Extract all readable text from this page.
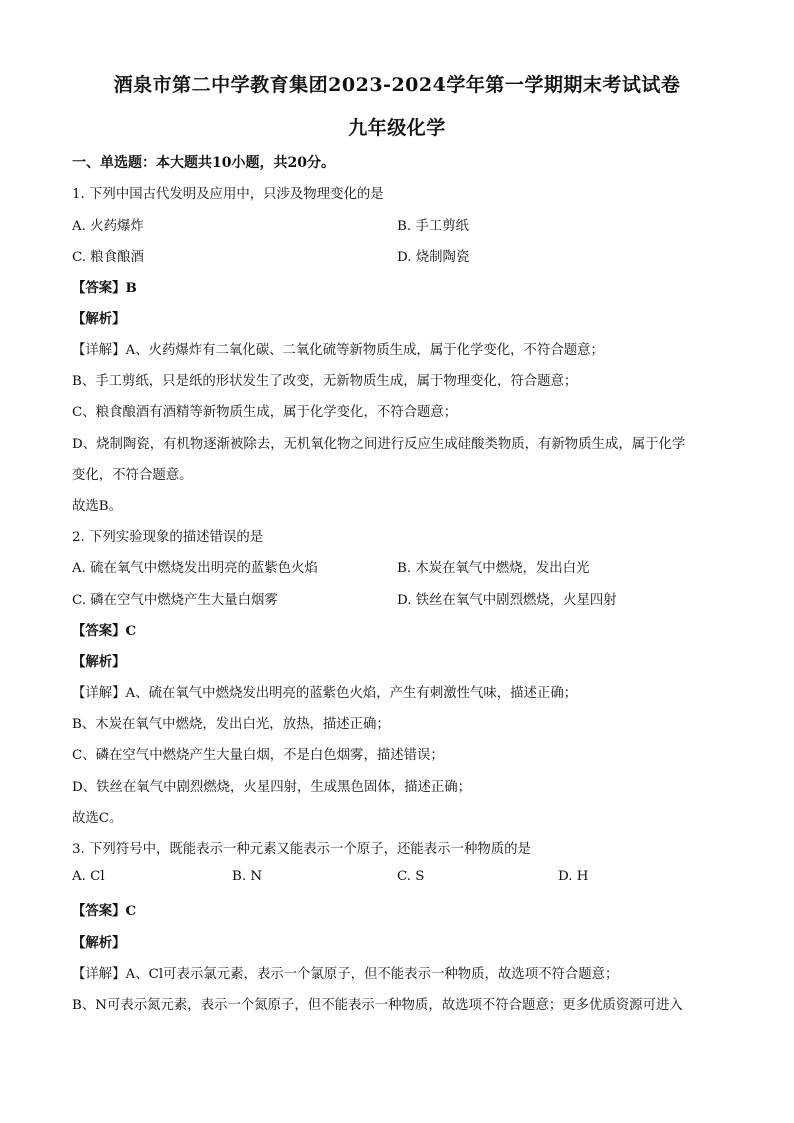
酒泉市第二中学教育集团2023-2024学年第一学期期末考试试卷
九年级化学
一、单选题：本大题共10小题，共20分。
1. 下列中国古代发明及应用中，只涉及物理变化的是
A. 火药爆炸	B. 手工剪纸
C. 粮食酿酒	D. 烧制陶瓷
【答案】B
【解析】
【详解】A、火药爆炸有二氧化碳、二氧化硫等新物质生成，属于化学变化，不符合题意；
B、手工剪纸，只是纸的形状发生了改变，无新物质生成，属于物理变化，符合题意；
C、粮食酿酒有酒精等新物质生成，属于化学变化，不符合题意；
D、烧制陶瓷，有机物逐渐被除去，无机氧化物之间进行反应生成硅酸类物质，有新物质生成，属于化学
变化，不符合题意。
故选B。
2. 下列实验现象的描述错误的是
A. 硫在氧气中燃烧发出明亮的蓝紫色火焰	B. 木炭在氧气中燃烧，发出白光
C. 磷在空气中燃烧产生大量白烟雾	D. 铁丝在氧气中剧烈燃烧，火星四射
【答案】C
【解析】
【详解】A、硫在氧气中燃烧发出明亮的蓝紫色火焰，产生有刺激性气味，描述正确；
B、木炭在氧气中燃烧，发出白光，放热，描述正确；
C、磷在空气中燃烧产生大量白烟，不是白色烟雾，描述错误；
D、铁丝在氧气中剧烈燃烧，火星四射，生成黑色固体，描述正确；
故选C。
3. 下列符号中，既能表示一种元素又能表示一个原子，还能表示一种物质的是
A. Cl	B. N	C. S	D. H
【答案】C
【解析】
【详解】A、Cl可表示氯元素，表示一个氯原子，但不能表示一种物质，故选项不符合题意；
B、N可表示氮元素，表示一个氮原子，但不能表示一种物质，故选项不符合题意；更多优质资源可进入
